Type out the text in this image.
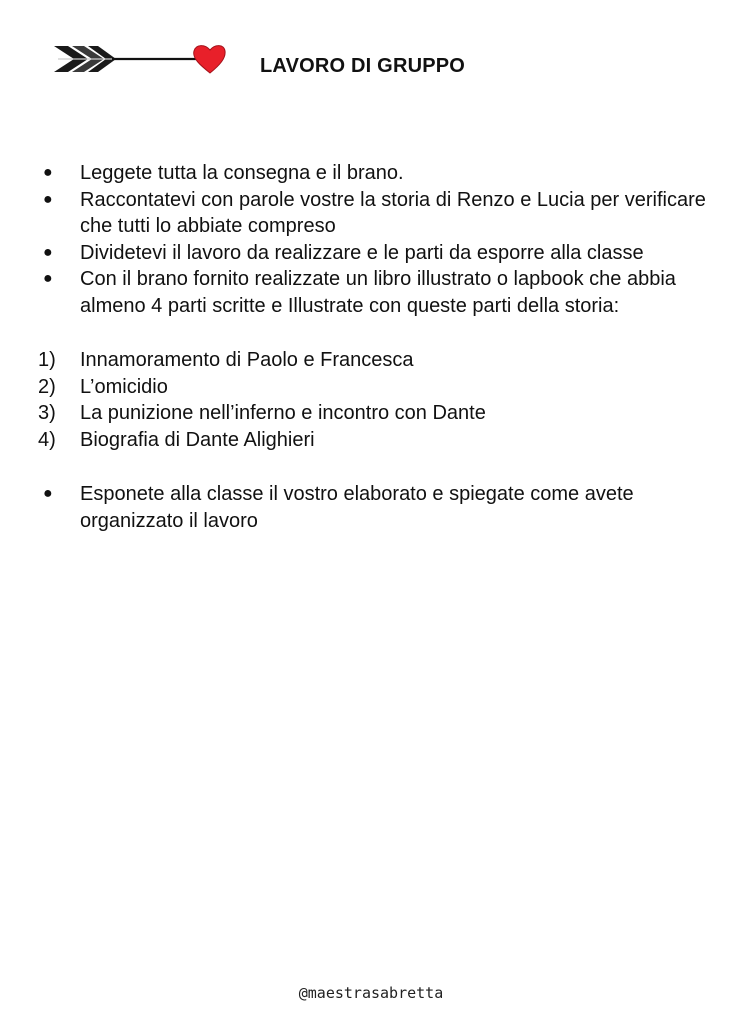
LAVORO DI GRUPPO
●	Leggete tutta la consegna e il brano.
●	Raccontatevi con parole vostre la storia di Renzo e Lucia per verificare che tutti lo abbiate compreso
●	Dividetevi il lavoro da realizzare e le parti da esporre alla classe
●	Con il brano fornito realizzate un libro illustrato o lapbook che abbia almeno 4 parti scritte e Illustrate con queste parti della storia:
1)	Innamoramento di Paolo e Francesca
2)	L’omicidio
3)	La punizione nell’inferno e incontro con Dante
4)	Biografia di Dante Alighieri
●	Esponete alla classe il vostro elaborato e spiegate come avete organizzato il lavoro
@maestrasabretta
